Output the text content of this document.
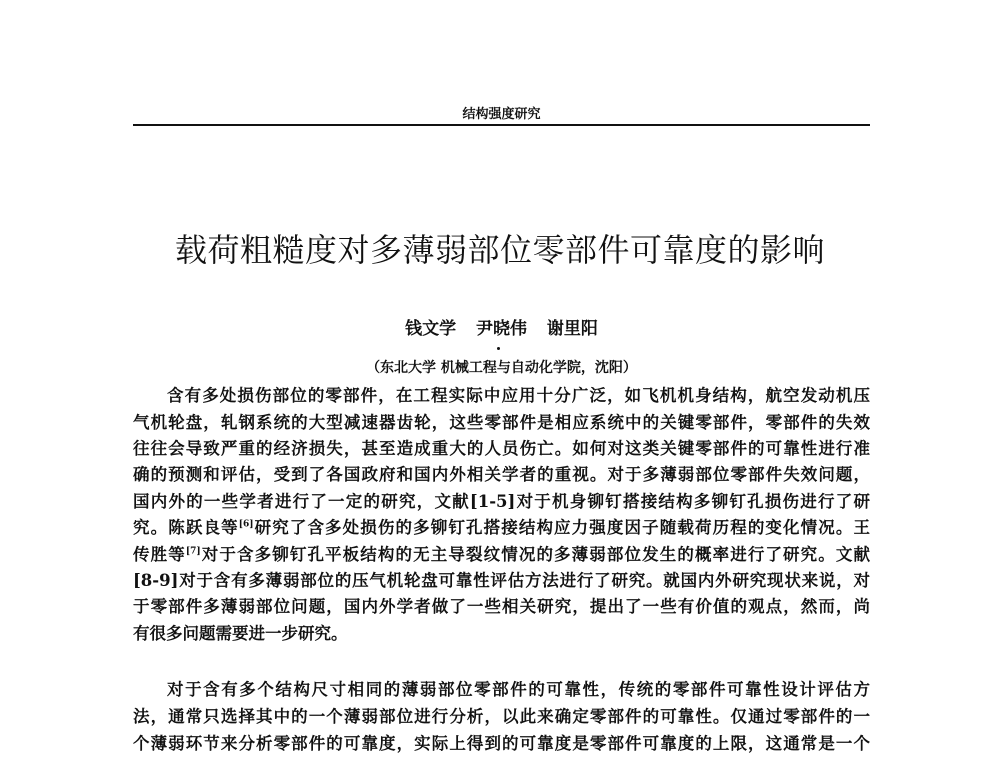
结构强度研究
载荷粗糙度对多薄弱部位零部件可靠度的影响
钱文学 尹晓伟 谢里阳
（东北大学 机械工程与自动化学院，沈阳）
含有多处损伤部位的零部件，在工程实际中应用十分广泛，如飞机机身结构，航空发动机压
气机轮盘，轧钢系统的大型减速器齿轮，这些零部件是相应系统中的关键零部件，零部件的失效
往往会导致严重的经济损失，甚至造成重大的人员伤亡。如何对这类关键零部件的可靠性进行准
确的预测和评估，受到了各国政府和国内外相关学者的重视。对于多薄弱部位零部件失效问题，
国内外的一些学者进行了一定的研究，文献[1-5]对于机身铆钉搭接结构多铆钉孔损伤进行了研
究。陈跃良等[6]研究了含多处损伤的多铆钉孔搭接结构应力强度因子随载荷历程的变化情况。王
传胜等[7]对于含多铆钉孔平板结构的无主导裂纹情况的多薄弱部位发生的概率进行了研究。文献
[8-9]对于含有多薄弱部位的压气机轮盘可靠性评估方法进行了研究。就国内外研究现状来说，对
于零部件多薄弱部位问题，国内外学者做了一些相关研究，提出了一些有价值的观点，然而，尚
有很多问题需要进一步研究。
对于含有多个结构尺寸相同的薄弱部位零部件的可靠性，传统的零部件可靠性设计评估方
法，通常只选择其中的一个薄弱部位进行分析，以此来确定零部件的可靠性。仅通过零部件的一
个薄弱环节来分析零部件的可靠度，实际上得到的可靠度是零部件可靠度的上限，这通常是一个
